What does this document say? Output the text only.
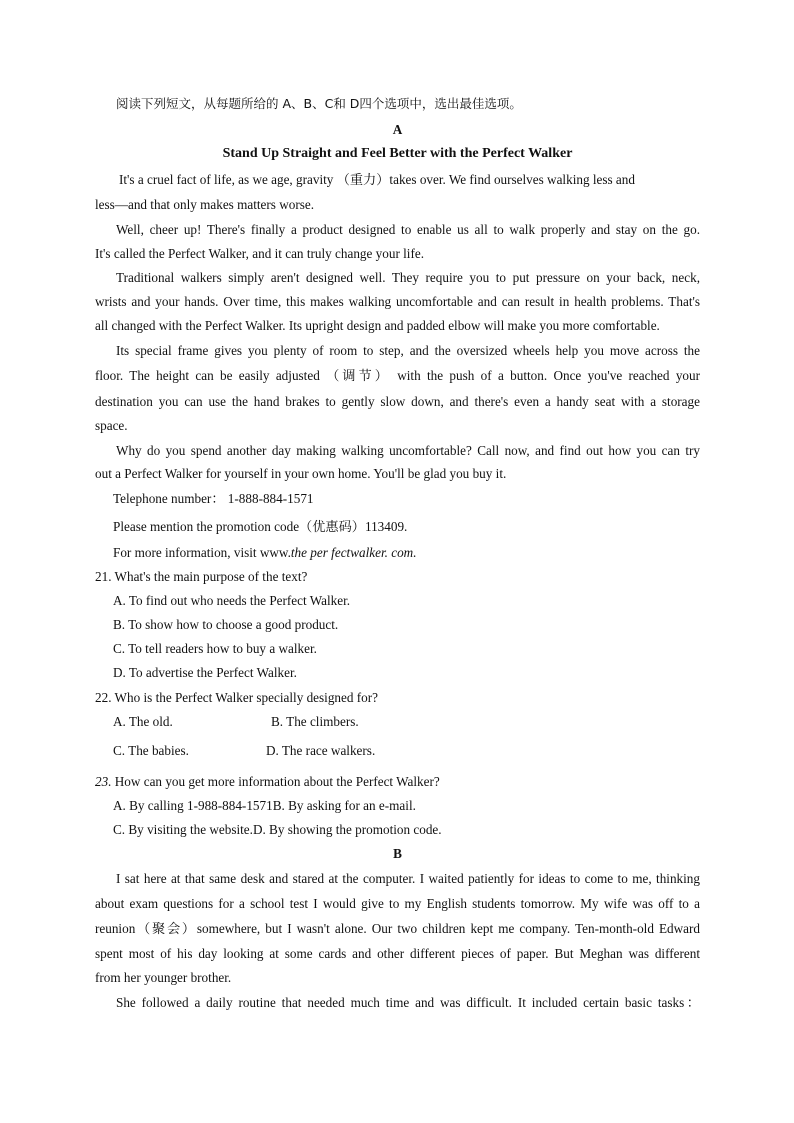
阅读下列短文，从每题所给的 A、B、C和 D四个选项中，选出最佳选项。
A
Stand Up Straight and Feel Better with the Perfect Walker
It's a cruel fact of life, as we age, gravity （重力）takes over. We find ourselves walking less and
less—and that only makes matters worse.
Well, cheer up! There's finally a product designed to enable us all to walk properly and stay on the go.
It's called the Perfect Walker, and it can truly change your life.
Traditional walkers simply aren't designed well. They require you to put pressure on your back, neck,
wrists and your hands. Over time, this makes walking uncomfortable and can result in health problems. That's
all changed with the Perfect Walker. Its upright design and padded elbow will make you more comfortable.
Its special frame gives you plenty of room to step, and the oversized wheels help you move across the
floor. The height can be easily adjusted （调节） with the push of a button. Once you've reached your
destination you can use the hand brakes to gently slow down, and there's even a handy seat with a storage
space.
Why do you spend another day making walking uncomfortable? Call now, and find out how you can try
out a Perfect Walker for yourself in your own home. You'll be glad you buy it.
Telephone number： 1-888-884-1571
Please mention the promotion code（优惠码）113409.
For more information, visit www.the per fectwalker. com.
21. What's the main purpose of the text?
A. To find out who needs the Perfect Walker.
B. To show how to choose a good product.
C. To tell readers how to buy a walker.
D. To advertise the Perfect Walker.
22. Who is the Perfect Walker specially designed for?
A. The old.	B. The climbers.
C. The babies.	D. The race walkers.
23. How can you get more information about the Perfect Walker?
A. By calling 1-988-884-1571B. By asking for an e-mail.
C. By visiting the website.D. By showing the promotion code.
B
I sat here at that same desk and stared at the computer. I waited patiently for ideas to come to me, thinking
about exam questions for a school test I would give to my English students tomorrow. My wife was off to a
reunion（聚会）somewhere, but I wasn't alone. Our two children kept me company. Ten-month-old Edward
spent most of his day looking at some cards and other different pieces of paper. But Meghan was different
from her younger brother.
She followed a daily routine that needed much time and was difficult. It included certain basic tasks：
